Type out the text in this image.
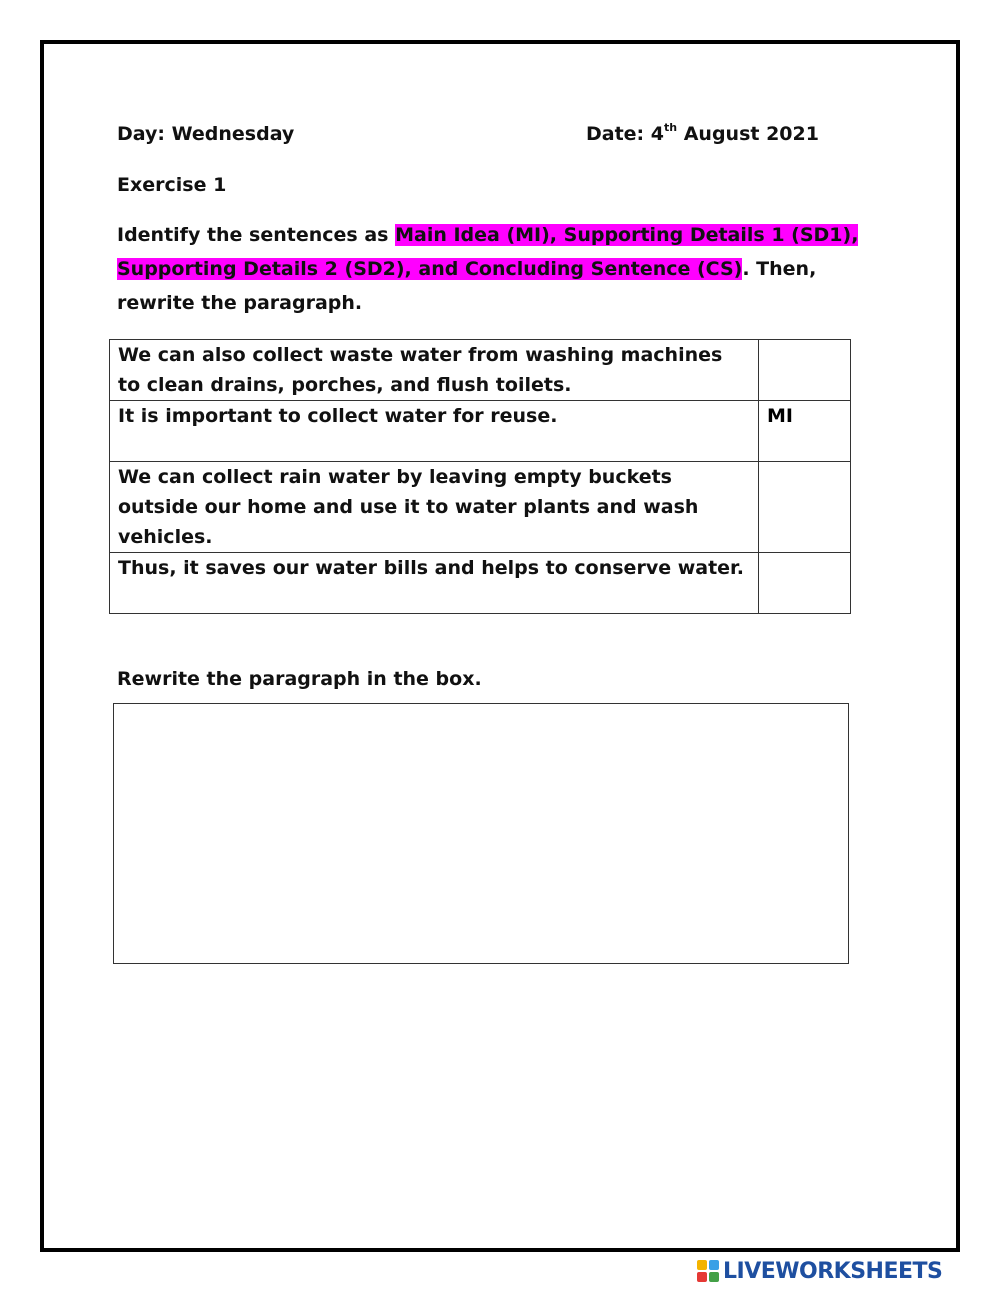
Day: Wednesday	Date: 4th August 2021
Exercise 1
Identify the sentences as Main Idea (MI), Supporting Details 1 (SD1), Supporting Details 2 (SD2), and Concluding Sentence (CS). Then, rewrite the paragraph.
We can also collect waste water from washing machines to clean drains, porches, and flush toilets.	
It is important to collect water for reuse.	MI
We can collect rain water by leaving empty buckets outside our home and use it to water plants and wash vehicles.	
Thus, it saves our water bills and helps to conserve water.	
Rewrite the paragraph in the box.
LIVEWORKSHEETS
